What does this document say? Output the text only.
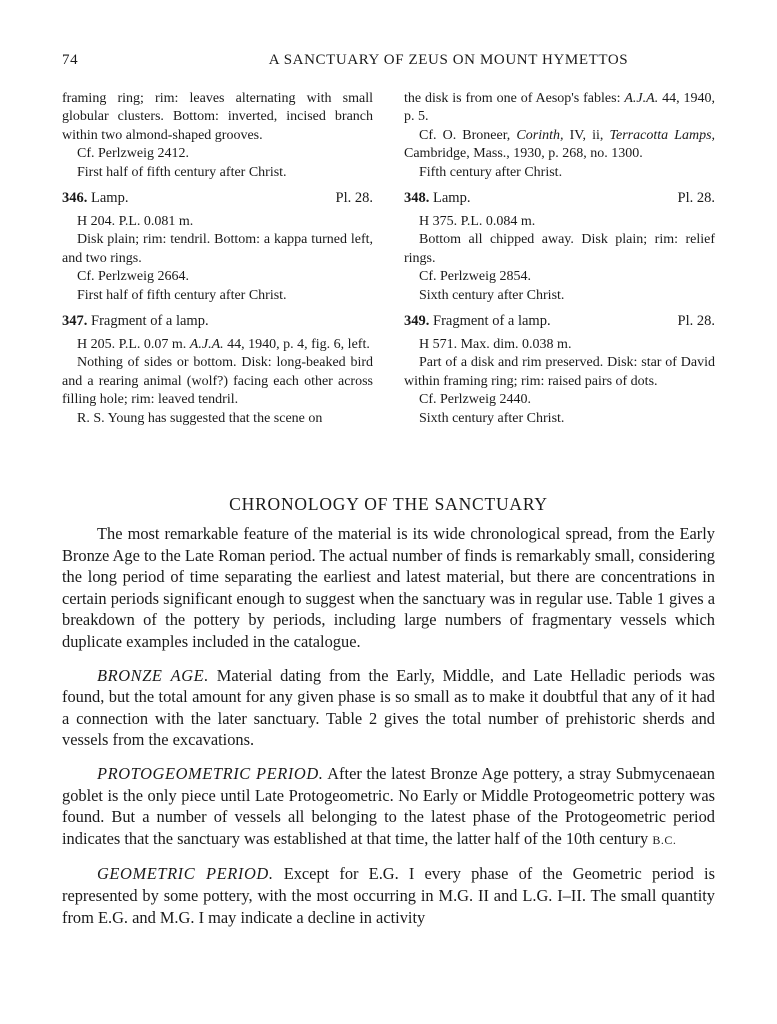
74	A SANCTUARY OF ZEUS ON MOUNT HYMETTOS

framing ring; rim: leaves alternating with small globular clusters. Bottom: inverted, incised branch within two almond-shaped grooves.

Cf. Perlzweig 2412.

First half of fifth century after Christ.

346. Lamp.	Pl. 28.

H 204. P.L. 0.081 m.

Disk plain; rim: tendril. Bottom: a kappa turned left, and two rings.

Cf. Perlzweig 2664.

First half of fifth century after Christ.

347. Fragment of a lamp.

H 205. P.L. 0.07 m. A.J.A. 44, 1940, p. 4, fig. 6, left.

Nothing of sides or bottom. Disk: long-beaked bird and a rearing animal (wolf?) facing each other across filling hole; rim: leaved tendril.

R. S. Young has suggested that the scene on

the disk is from one of Aesop's fables: A.J.A. 44, 1940, p. 5.

Cf. O. Broneer, Corinth, IV, ii, Terracotta Lamps, Cambridge, Mass., 1930, p. 268, no. 1300.

Fifth century after Christ.

348. Lamp.	Pl. 28.

H 375. P.L. 0.084 m.

Bottom all chipped away. Disk plain; rim: relief rings.

Cf. Perlzweig 2854.

Sixth century after Christ.

349. Fragment of a lamp.	Pl. 28.

H 571. Max. dim. 0.038 m.

Part of a disk and rim preserved. Disk: star of David within framing ring; rim: raised pairs of dots.

Cf. Perlzweig 2440.

Sixth century after Christ.

CHRONOLOGY OF THE SANCTUARY

The most remarkable feature of the material is its wide chronological spread, from the Early Bronze Age to the Late Roman period. The actual number of finds is remarkably small, considering the long period of time separating the earliest and latest material, but there are concentrations in certain periods significant enough to suggest when the sanctuary was in regular use. Table 1 gives a breakdown of the pottery by periods, including large numbers of fragmentary vessels which duplicate examples included in the catalogue.

BRONZE AGE. Material dating from the Early, Middle, and Late Helladic periods was found, but the total amount for any given phase is so small as to make it doubtful that any of it had a connection with the later sanctuary. Table 2 gives the total number of prehistoric sherds and vessels from the excavations.

PROTOGEOMETRIC PERIOD. After the latest Bronze Age pottery, a stray Submycenaean goblet is the only piece until Late Protogeometric. No Early or Middle Protogeometric pottery was found. But a number of vessels all belonging to the latest phase of the Protogeometric period indicates that the sanctuary was established at that time, the latter half of the 10th century B.C.

GEOMETRIC PERIOD. Except for E.G. I every phase of the Geometric period is represented by some pottery, with the most occurring in M.G. II and L.G. I–II. The small quantity from E.G. and M.G. I may indicate a decline in activity
